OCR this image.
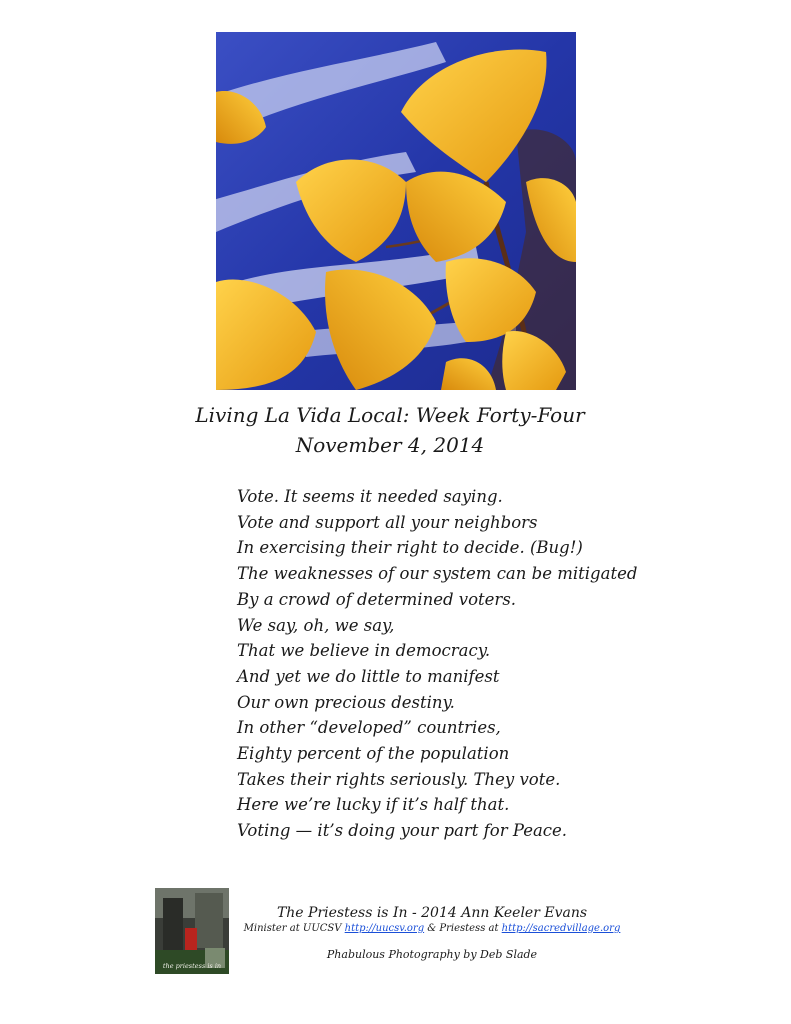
Living La Vida Local: Week Forty-Four
November 4, 2014
Vote. It seems it needed saying.
Vote and support all your neighbors
In exercising their right to decide. (Bug!)
The weaknesses of our system can be mitigated
By a crowd of determined voters.
We say, oh, we say,
That we believe in democracy.
And yet we do little to manifest
Our own precious destiny.
In other “developed” countries,
Eighty percent of the population
Takes their rights seriously. They vote.
Here we’re lucky if it’s half that.
Voting — it’s doing your part for Peace.
the priestess is in
The Priestess is In - 2014 Ann Keeler Evans
Minister at UUCSV http://uucsv.org & Priestess at http://sacredvillage.org
Phabulous Photography by Deb Slade
